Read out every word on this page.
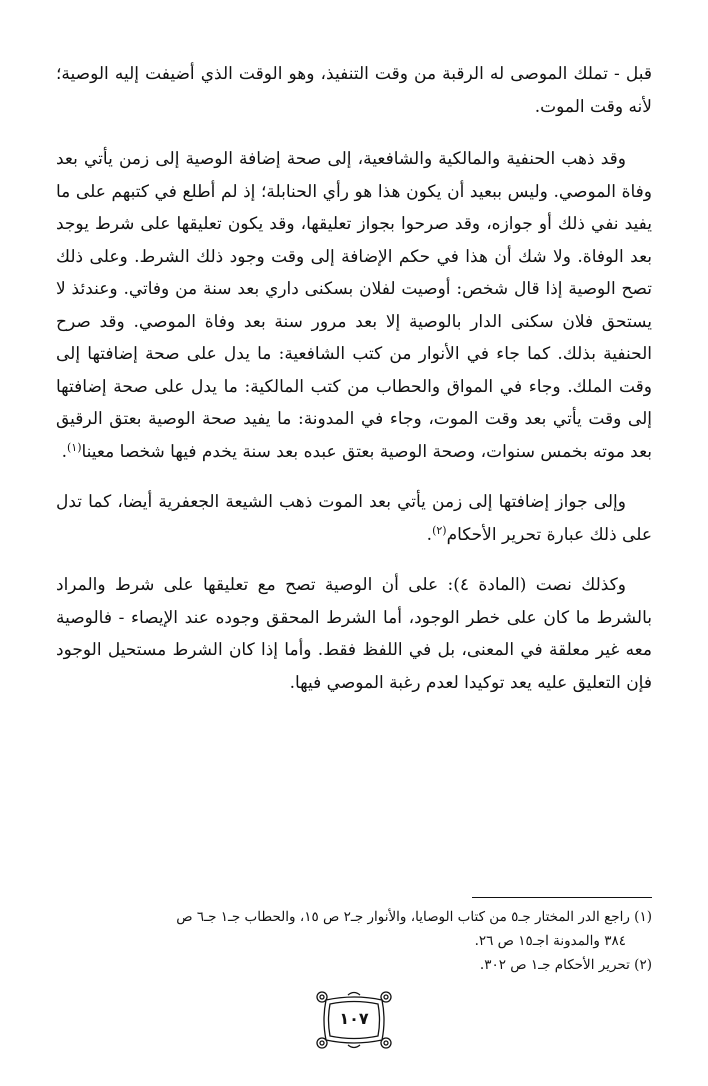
قبل - تملك الموصى له الرقبة من وقت التنفيذ، وهو الوقت الذي أضيفت إليه الوصية؛ لأنه وقت الموت.

وقد ذهب الحنفية والمالكية والشافعية، إلى صحة إضافة الوصية إلى زمن يأتي بعد وفاة الموصي. وليس ببعيد أن يكون هذا هو رأي الحنابلة؛ إذ لم أطلع في كتبهم على ما يفيد نفي ذلك أو جوازه، وقد صرحوا بجواز تعليقها، وقد يكون تعليقها على شرط يوجد بعد الوفاة. ولا شك أن هذا في حكم الإضافة إلى وقت وجود ذلك الشرط. وعلى ذلك تصح الوصية إذا قال شخص: أوصيت لفلان بسكنى داري بعد سنة من وفاتي. وعندئذ لا يستحق فلان سكنى الدار بالوصية إلا بعد مرور سنة بعد وفاة الموصي. وقد صرح الحنفية بذلك. كما جاء في الأنوار من كتب الشافعية: ما يدل على صحة إضافتها إلى وقت الملك. وجاء في المواق والحطاب من كتب المالكية: ما يدل على صحة إضافتها إلى وقت يأتي بعد وقت الموت، وجاء في المدونة: ما يفيد صحة الوصية بعتق الرقيق بعد موته بخمس سنوات، وصحة الوصية بعتق عبده بعد سنة يخدم فيها شخصا معينا$^{(١)}$.

وإلى جواز إضافتها إلى زمن يأتي بعد الموت ذهب الشيعة الجعفرية أيضا، كما تدل على ذلك عبارة تحرير الأحكام$^{(٢)}$.

وكذلك نصت (المادة ٤): على أن الوصية تصح مع تعليقها على شرط والمراد بالشرط ما كان على خطر الوجود، أما الشرط المحقق وجوده عند الإيصاء - فالوصية معه غير معلقة في المعنى، بل في اللفظ فقط. وأما إذا كان الشرط مستحيل الوجود فإن التعليق عليه يعد توكيدا لعدم رغبة الموصي فيها.

(١) راجع الدر المختار جـ٥ من كتاب الوصايا، والأنوار جـ٢ ص ١٥، والحطاب جـ١ جـ٦ ص
٣٨٤ والمدونة اجـ١٥ ص ٢٦.

(٢) تحرير الأحكام جـ١ ص ٣٠٢.

١٠٧
